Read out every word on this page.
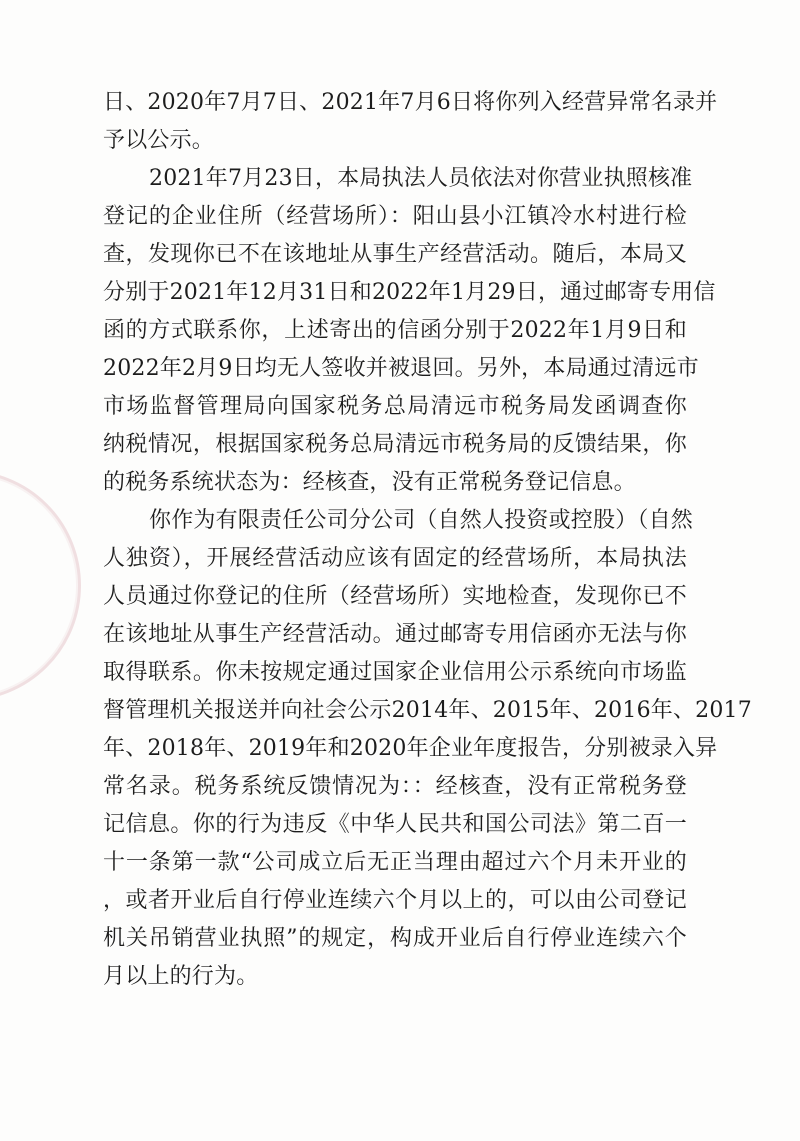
日、2020年7月7日、2021年7月6日将你列入经营异常名录并
予以公示。
2021年7月23日，本局执法人员依法对你营业执照核准
登记的企业住所（经营场所）：阳山县小江镇冷水村进行检
查，发现你已不在该地址从事生产经营活动。随后，本局又
分别于2021年12月31日和2022年1月29日，通过邮寄专用信
函的方式联系你，上述寄出的信函分别于2022年1月9日和
2022年2月9日均无人签收并被退回。另外，本局通过清远市
市场监督管理局向国家税务总局清远市税务局发函调查你
纳税情况，根据国家税务总局清远市税务局的反馈结果，你
的税务系统状态为：经核查，没有正常税务登记信息。
你作为有限责任公司分公司（自然人投资或控股）（自然
人独资），开展经营活动应该有固定的经营场所，本局执法
人员通过你登记的住所（经营场所）实地检查，发现你已不
在该地址从事生产经营活动。通过邮寄专用信函亦无法与你
取得联系。你未按规定通过国家企业信用公示系统向市场监
督管理机关报送并向社会公示2014年、2015年、2016年、2017
年、2018年、2019年和2020年企业年度报告，分别被录入异
常名录。税务系统反馈情况为：：经核查，没有正常税务登
记信息。你的行为违反《中华人民共和国公司法》第二百一
十一条第一款“公司成立后无正当理由超过六个月未开业的
，或者开业后自行停业连续六个月以上的，可以由公司登记
机关吊销营业执照”的规定，构成开业后自行停业连续六个
月以上的行为。
